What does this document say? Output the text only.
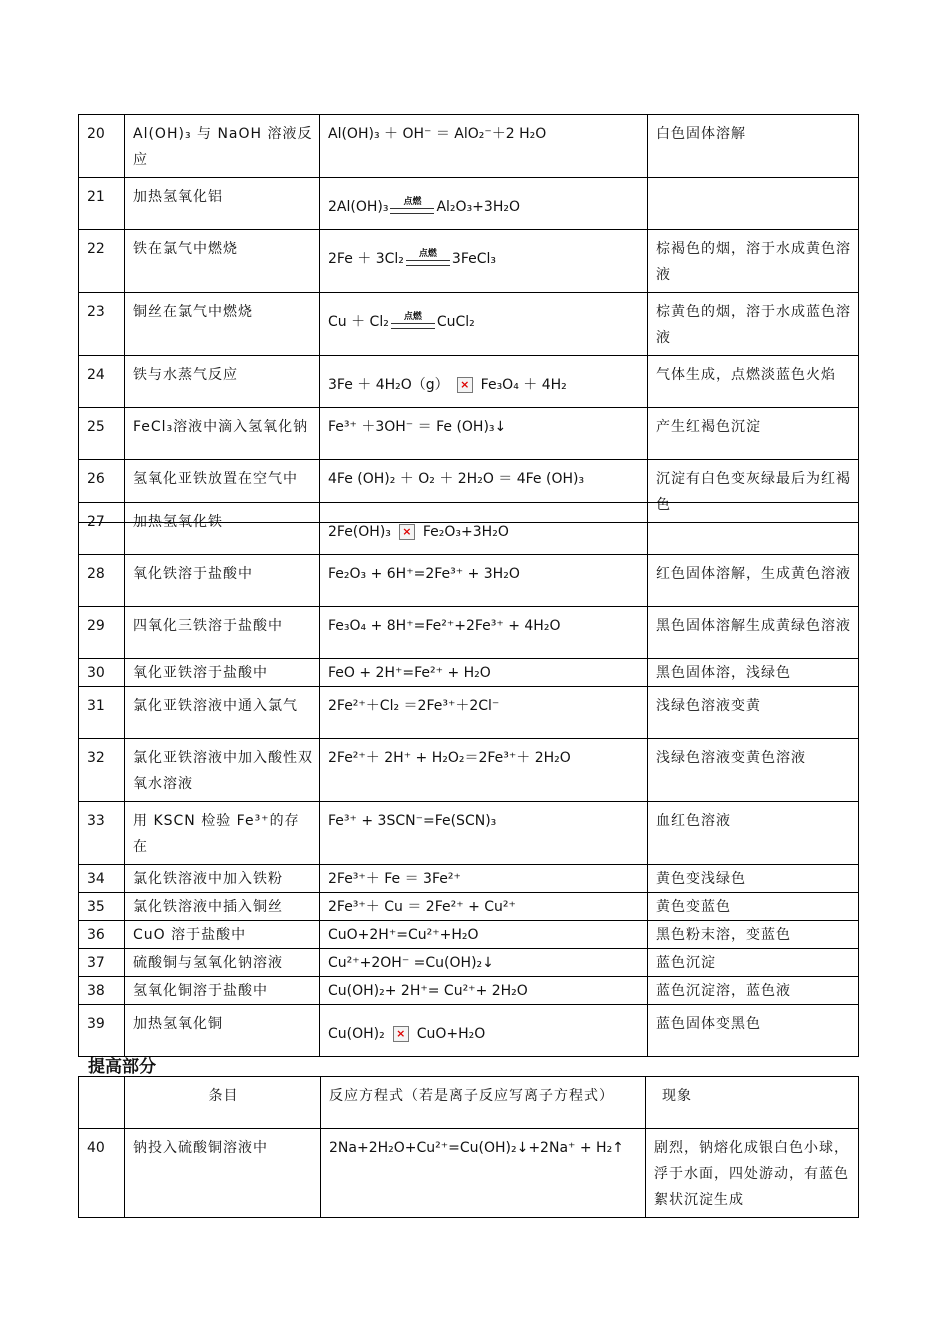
20	Al(OH)₃ 与 NaOH 溶液反应	Al(OH)₃ ＋ OH⁻ ＝ AlO₂⁻＋2 H₂O	白色固体溶解
21	加热氢氧化铝	2Al(OH)₃ 点燃 Al₂O₃+3H₂O	

22	铁在氯气中燃烧	2Fe ＋ 3Cl₂ 点燃 3FeCl₃	棕褐色的烟，溶于水成黄色溶液
23	铜丝在氯气中燃烧	Cu ＋ Cl₂ 点燃 CuCl₂	棕黄色的烟，溶于水成蓝色溶液
24	铁与水蒸气反应	3Fe ＋ 4H₂O（g） × Fe₃O₄ ＋ 4H₂	气体生成，点燃淡蓝色火焰
25	FeCl₃溶液中滴入氢氧化钠	Fe³⁺ ＋3OH⁻ ＝ Fe (OH)₃↓	产生红褐色沉淀
26	氢氧化亚铁放置在空气中	4Fe (OH)₂ ＋ O₂ ＋ 2H₂O ＝ 4Fe (OH)₃	沉淀有白色变灰绿最后为红褐色
27	加热氢氧化铁	2Fe(OH)₃ × Fe₂O₃+3H₂O	

28	氧化铁溶于盐酸中	Fe₂O₃ + 6H⁺=2Fe³⁺ + 3H₂O	红色固体溶解，生成黄色溶液
29	四氧化三铁溶于盐酸中	Fe₃O₄ + 8H⁺=Fe²⁺+2Fe³⁺ + 4H₂O	黑色固体溶解生成黄绿色溶液
30	氧化亚铁溶于盐酸中	FeO + 2H⁺=Fe²⁺ + H₂O	黑色固体溶，浅绿色
31	氯化亚铁溶液中通入氯气	2Fe²⁺＋Cl₂ ＝2Fe³⁺＋2Cl⁻	浅绿色溶液变黄
32	氯化亚铁溶液中加入酸性双氧水溶液	2Fe²⁺＋ 2H⁺ + H₂O₂＝2Fe³⁺＋ 2H₂O	浅绿色溶液变黄色溶液
33	用 KSCN 检验 Fe³⁺的存在	Fe³⁺ + 3SCN⁻=Fe(SCN)₃	血红色溶液
34	氯化铁溶液中加入铁粉	2Fe³⁺＋ Fe ＝ 3Fe²⁺	黄色变浅绿色
35	氯化铁溶液中插入铜丝	2Fe³⁺＋ Cu ＝ 2Fe²⁺ + Cu²⁺	黄色变蓝色
36	CuO 溶于盐酸中	CuO+2H⁺=Cu²⁺+H₂O	黑色粉末溶，变蓝色
37	硫酸铜与氢氧化钠溶液	Cu²⁺+2OH⁻ =Cu(OH)₂↓	蓝色沉淀
38	氢氧化铜溶于盐酸中	Cu(OH)₂+ 2H⁺= Cu²⁺+ 2H₂O	蓝色沉淀溶，蓝色液
39	加热氢氧化铜	Cu(OH)₂ × CuO+H₂O	蓝色固体变黑色
提高部分
	条目	反应方程式（若是离子反应写离子方程式）	现象
40	钠投入硫酸铜溶液中	2Na+2H₂O+Cu²⁺=Cu(OH)₂↓+2Na⁺ + H₂↑	剧烈，钠熔化成银白色小球，浮于水面，四处游动，有蓝色絮状沉淀生成
